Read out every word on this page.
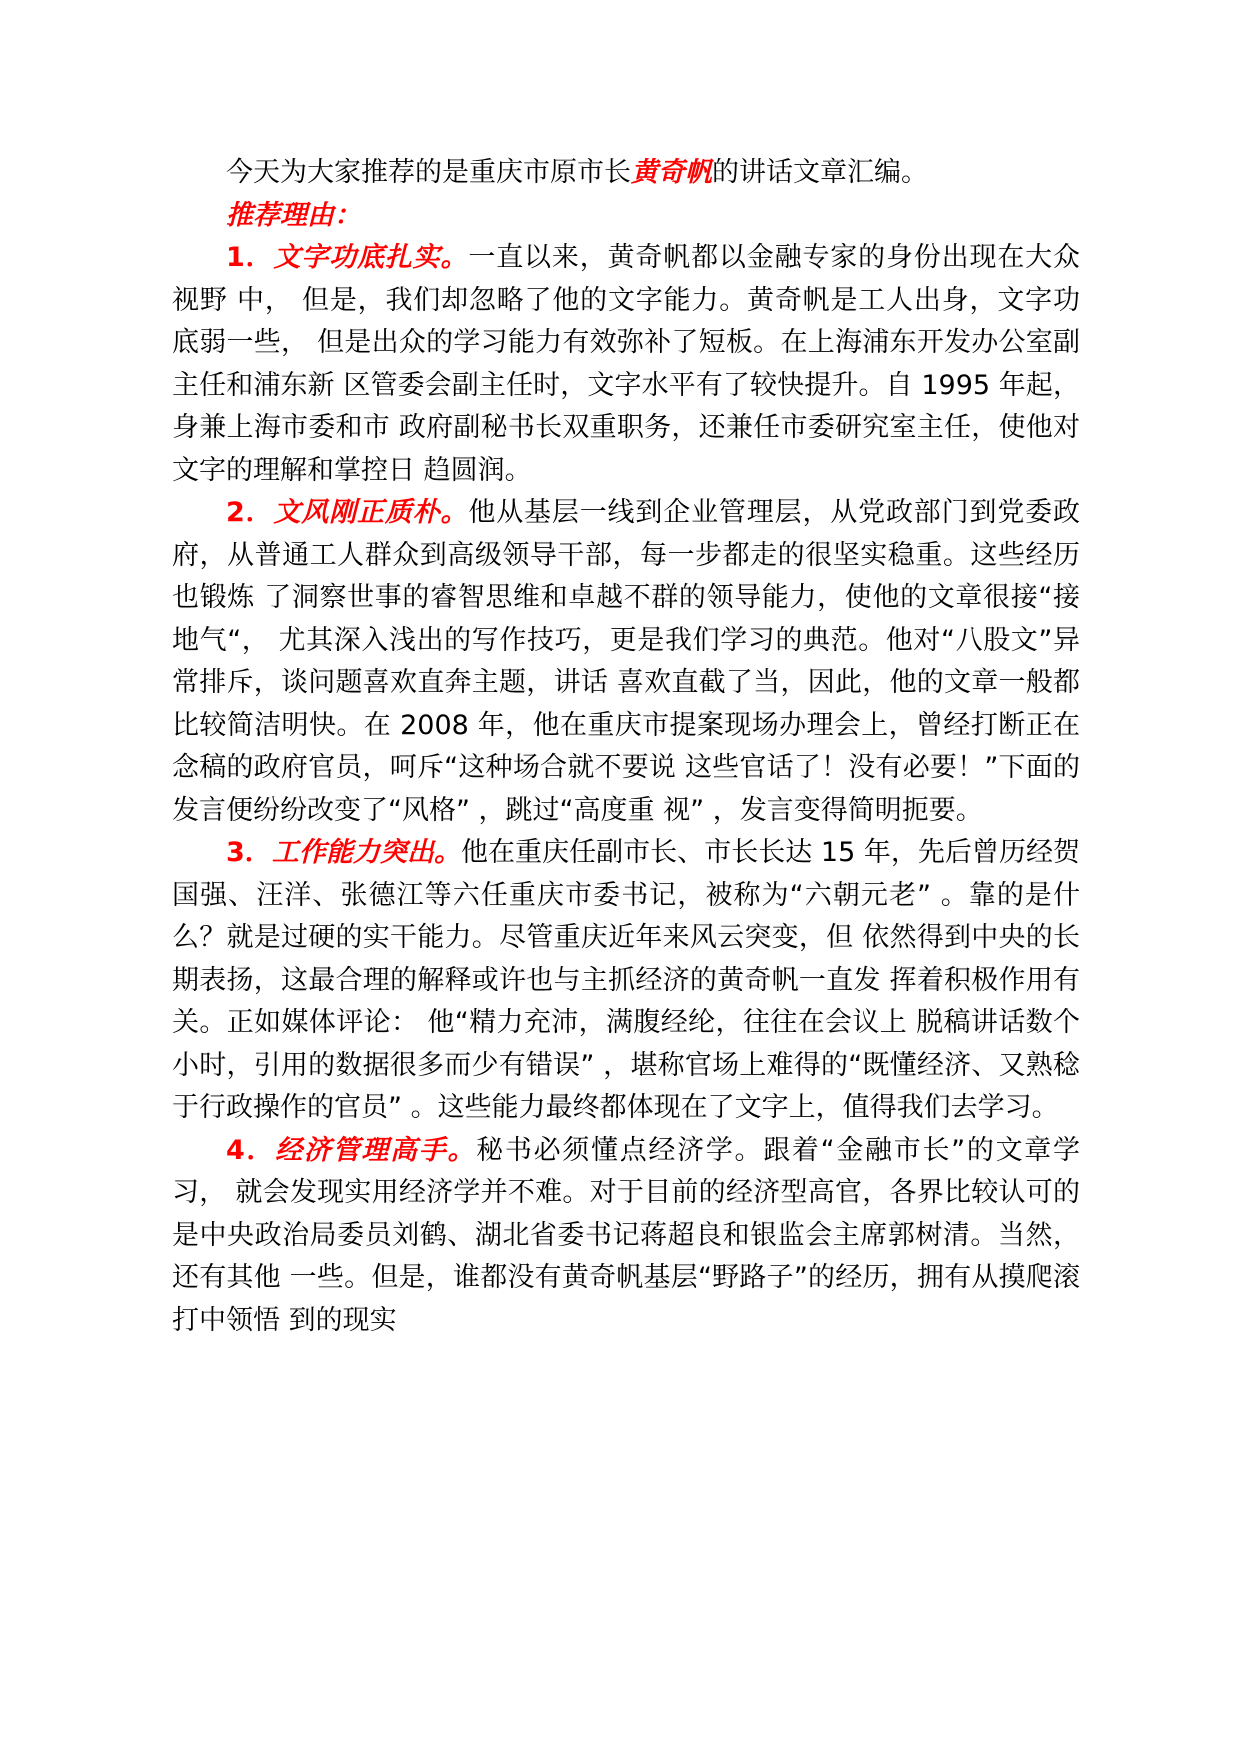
今天为大家推荐的是重庆市原市长黄奇帆的讲话文章汇编。

推荐理由：

1．文字功底扎实。一直以来，黄奇帆都以金融专家的身份出现在大众视野 中， 但是，我们却忽略了他的文字能力。黄奇帆是工人出身，文字功底弱一些， 但是出众的学习能力有效弥补了短板。在上海浦东开发办公室副主任和浦东新 区管委会副主任时，文字水平有了较快提升。自 1995 年起，身兼上海市委和市 政府副秘书长双重职务，还兼任市委研究室主任，使他对文字的理解和掌控日 趋圆润。

2．文风刚正质朴。他从基层一线到企业管理层，从党政部门到党委政府，从普通工人群众到高级领导干部，每一步都走的很坚实稳重。这些经历也锻炼 了洞察世事的睿智思维和卓越不群的领导能力，使他的文章很接“接地气“， 尤其深入浅出的写作技巧，更是我们学习的典范。他对“八股文”异常排斥，谈问题喜欢直奔主题，讲话 喜欢直截了当，因此，他的文章一般都比较简洁明快。在 2008 年，他在重庆市提案现场办理会上，曾经打断正在念稿的政府官员，呵斥“这种场合就不要说 这些官话了！没有必要！”下面的发言便纷纷改变了“风格” ，跳过“高度重 视” ，发言变得简明扼要。

3．工作能力突出。他在重庆任副市长、市长长达 15 年，先后曾历经贺国强、汪洋、张德江等六任重庆市委书记，被称为“六朝元老” 。靠的是什么？就是过硬的实干能力。尽管重庆近年来风云突变，但 依然得到中央的长期表扬，这最合理的解释或许也与主抓经济的黄奇帆一直发 挥着积极作用有关。正如媒体评论： 他“精力充沛，满腹经纶，往往在会议上 脱稿讲话数个小时，引用的数据很多而少有错误” ，堪称官场上难得的“既懂经济、又熟稔于行政操作的官员” 。这些能力最终都体现在了文字上，值得我们去学习。

4．经济管理高手。秘书必须懂点经济学。跟着“金融市长”的文章学习， 就会发现实用经济学并不难。对于目前的经济型高官，各界比较认可的是中央政治局委员刘鹤、湖北省委书记蒋超良和银监会主席郭树清。当然，还有其他 一些。但是，谁都没有黄奇帆基层“野路子”的经历，拥有从摸爬滚打中领悟 到的现实
